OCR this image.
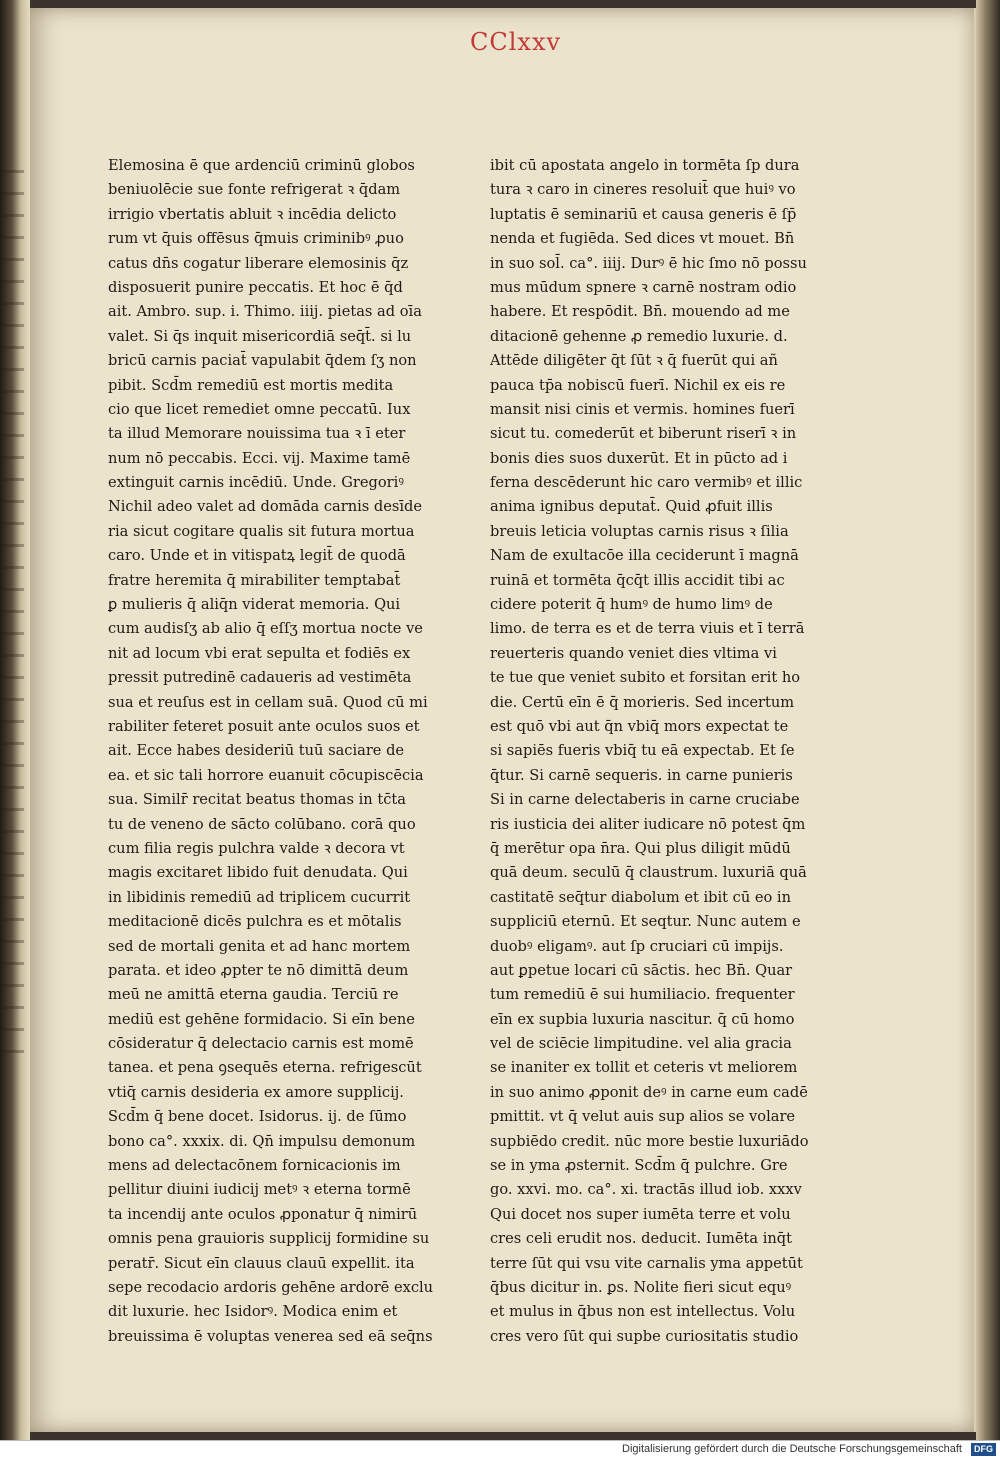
CClxxv
Elemosina ē que ardenciū criminū globos
beniuolēcie sue fonte refrigerat ꝛ q̄dam
irrigio vbertatis abluit ꝛ incēdia delicto
rum vt q̄uis offēsus q̄muis criminibꝰ ꝓuo
catus dn̄s cogatur liberare elemosinis q̄z
disposuerit punire peccatis. Et hoc ē q̄d
ait. Ambro. sup. i. Thimo. iiij. pietas ad oīa
valet. Si q̄s inquit misericordiā seq̄t̄. si lu
bricū carnis paciat̄ vapulabit q̄dem ſʒ non
pibit. Scd̄m remediū est mortis medita
cio que licet remediet omne peccatū. Iux
ta illud Memorare nouissima tua ꝛ ī eter
num nō peccabis. Ecci. vij. Maxime tamē
extinguit carnis incēdiū. Unde. Gregoriꝰ
Nichil adeo valet ad domāda carnis desīde
ria sicut cogitare qualis sit futura mortua
caro. Unde et in vitispatꝝ legit̄ de quodā
fratre heremita q̄ mirabiliter temptabat̄
ꝑ mulieris q̄ aliq̄n viderat memoria. Qui
cum audisſʒ ab alio q̄ eſſʒ mortua nocte ve
nit ad locum vbi erat sepulta et fodiēs ex
pressit putredinē cadaueris ad vestimēta
sua et reuſus est in cellam suā. Quod cū mi
rabiliter feteret posuit ante oculos suos et
ait. Ecce habes desideriū tuū saciare de
ea. et sic tali horrore euanuit cōcupiscēcia
sua. Similr̄ recitat beatus thomas in tc̄ta
tu de veneno de sācto colūbano. corā quo
cum filia regis pulchra valde ꝛ decora vt
magis excitaret libido fuit denudata. Qui
in libidinis remediū ad triplicem cucurrit
meditacionē dicēs pulchra es et mōtalis
sed de mortali genita et ad hanc mortem
parata. et ideo ꝓpter te nō dimittā deum
meū ne amittā eterna gaudia. Terciū re
mediū est gehēne formidacio. Si eīn bene
cōsideratur q̄ delectacio carnis est momē
tanea. et pena ꝯsequēs eterna. refrigescūt
vtiq̄ carnis desideria ex amore supplicij.
Scd̄m q̄ bene docet. Isidorus. ij. de ſūmo
bono ca°. xxxix. di. Qn̄ impulsu demonum
mens ad delectacōnem fornicacionis im
pellitur diuini iudicij metꝰ ꝛ eterna tormē
ta incendij ante oculos ꝓponatur q̄ nimirū
omnis pena grauioris supplicij formidine su
peratr̄. Sicut eīn clauus clauū expellit. ita
sepe recodacio ardoris gehēne ardorē exclu
dit luxurie. hec Isidorꝰ. Modica enim et
breuissima ē voluptas venerea sed eā seq̄ns
ibit cū apostata angelo in tormēta ſp dura
tura ꝛ caro in cineres resoluit̄ que huiꝰ vo
luptatis ē seminariū et causa generis ē ſp̄
nenda et fugiēda. Sed dices vt mouet. Bn̄
in suo sol̄. ca°. iiij. Durꝰ ē hic ſmo nō possu
mus mūdum spnere ꝛ carnē nostram odio
habere. Et respōdit. Bn̄. mouendo ad me
ditacionē gehenne ꝓ remedio luxurie. d.
Attēde diligēter q̄t ſūt ꝛ q̄ fuerūt qui añ
pauca tp̄a nobiscū fuerī. Nichil ex eis re
mansit nisi cinis et vermis. homines fuerī
sicut tu. comederūt et biberunt riserī ꝛ in
bonis dies suos duxerūt. Et in pūcto ad i
ferna descēderunt hic caro vermibꝰ et illic
anima ignibus deputat̄. Quid ꝓfuit illis
breuis leticia voluptas carnis risus ꝛ ſilia
Nam de exultacōe illa ceciderunt ī magnā
ruinā et tormēta q̄cq̄t illis accidit tibi ac
cidere poterit q̄ humꝰ de humo limꝰ de
limo. de terra es et de terra viuis et ī terrā
reuerteris quando veniet dies vltima vi
te tue que veniet subito et forsitan erit ho
die. Certū eīn ē q̄ morieris. Sed incertum
est quō vbi aut q̄n vbiq̄ mors expectat te
si sapiēs fueris vbiq̄ tu eā expectab. Et ſe
q̄tur. Si carnē sequeris. in carne punieris
Si in carne delectaberis in carne cruciabe
ris iusticia dei aliter iudicare nō potest q̄m
q̄ merētur opa n̄ra. Qui plus diligit mūdū
quā deum. seculū q̄ claustrum. luxuriā quā
castitatē seq̄tur diabolum et ibit cū eo in
suppliciū eternū. Et seqtur. Nunc autem e
duobꝰ eligamꝰ. aut ſp cruciari cū impijs.
aut ꝑpetue locari cū sāctis. hec Bn̄. Quar
tum remediū ē sui humiliacio. frequenter
eīn ex supbia luxuria nascitur. q̄ cū homo
vel de sciēcie limpitudine. vel alia gracia
se inaniter ex tollit et ceteris vt meliorem
in suo animo ꝓponit deꝰ in carne eum cadē
pmittit. vt q̄ velut auis sup alios se volare
supbiēdo credit. nūc more bestie luxuriādo
se in yma ꝓsternit. Scd̄m q̄ pulchre. Gre
go. xxvi. mo. ca°. xi. tractās illud iob. xxxv
Qui docet nos super iumēta terre et volu
cres celi erudit nos. deducit. Iumēta inq̄t
terre ſūt qui vsu vite carnalis yma appetūt
q̄bus dicitur in. ꝑs. Nolite fieri sicut equꝰ
et mulus in q̄bus non est intellectus. Volu
cres vero ſūt qui supbe curiositatis studio
Digitalisierung gefördert durch die Deutsche Forschungsgemeinschaft	DFG
